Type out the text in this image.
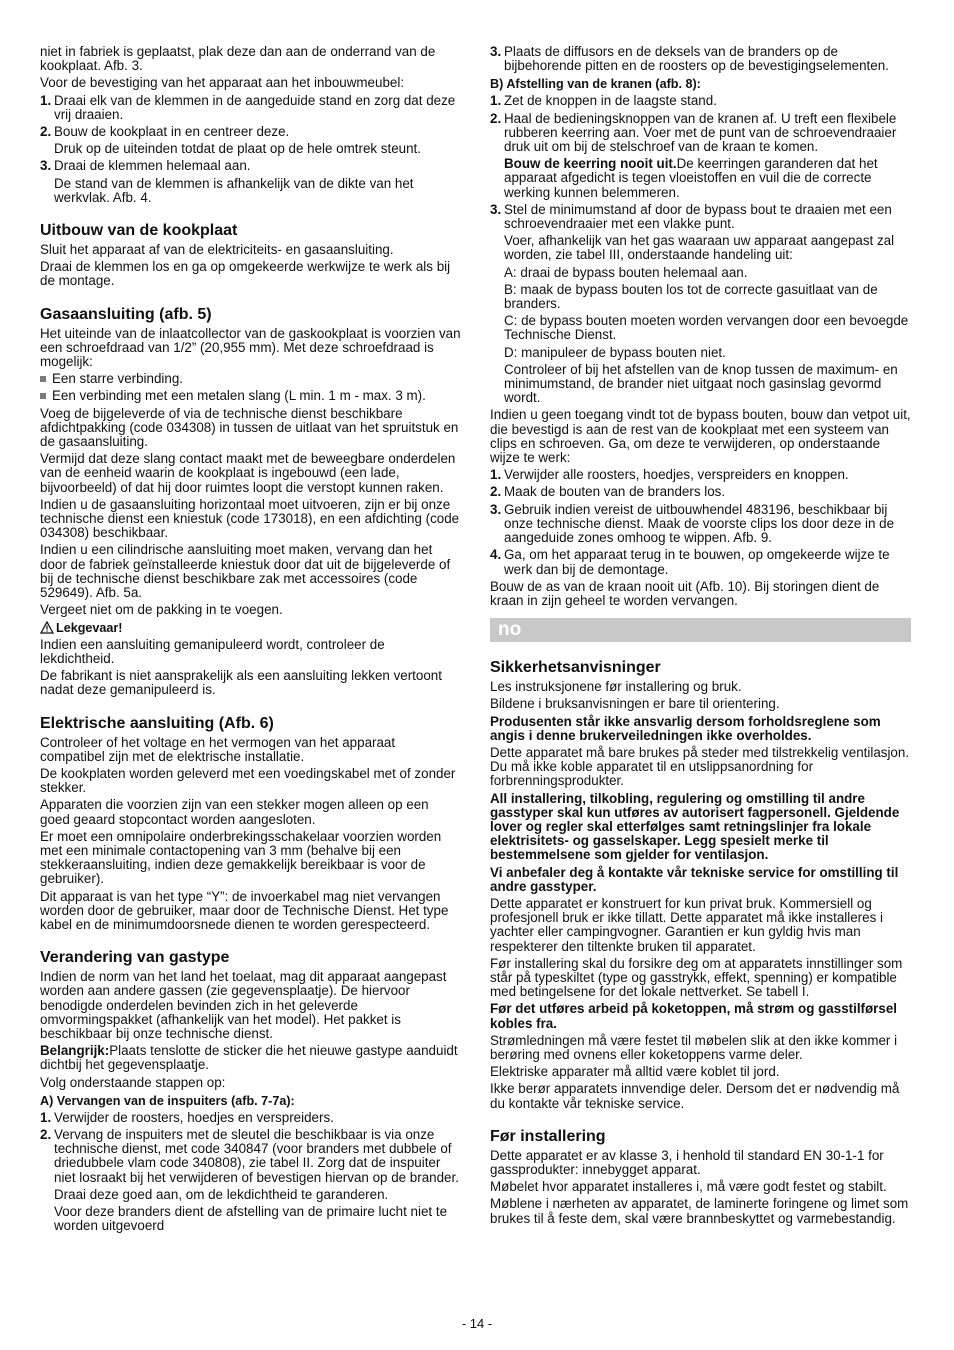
niet in fabriek is geplaatst, plak deze dan aan de onderrand van de kookplaat. Afb. 3.

Voor de bevestiging van het apparaat aan het inbouwmeubel:

1. Draai elk van de klemmen in de aangeduide stand en zorg dat deze vrij draaien.

2. Bouw de kookplaat in en centreer deze.

Druk op de uiteinden totdat de plaat op de hele omtrek steunt.

3. Draai de klemmen helemaal aan.

De stand van de klemmen is afhankelijk van de dikte van het werkvlak. Afb. 4.

Uitbouw van de kookplaat

Sluit het apparaat af van de elektriciteits- en gasaansluiting.

Draai de klemmen los en ga op omgekeerde werkwijze te werk als bij de montage.

Gasaansluiting (afb. 5)

Het uiteinde van de inlaatcollector van de gaskookplaat is voorzien van een schroefdraad van 1/2” (20,955 mm). Met deze schroefdraad is mogelijk:

Een starre verbinding.

Een verbinding met een metalen slang (L min. 1 m - max. 3 m).

Voeg de bijgeleverde of via de technische dienst beschikbare afdichtpakking (code 034308) in tussen de uitlaat van het spruitstuk en de gasaansluiting.

Vermijd dat deze slang contact maakt met de beweegbare onderdelen van de eenheid waarin de kookplaat is ingebouwd (een lade, bijvoorbeeld) of dat hij door ruimtes loopt die verstopt kunnen raken.

Indien u de gasaansluiting horizontaal moet uitvoeren, zijn er bij onze technische dienst een kniestuk (code 173018), en een afdichting (code 034308) beschikbaar.

Indien u een cilindrische aansluiting moet maken, vervang dan het door de fabriek geïnstalleerde kniestuk door dat uit de bijgeleverde of bij de technische dienst beschikbare zak met accessoires (code 529649). Afb. 5a.

Vergeet niet om de pakking in te voegen.

Lekgevaar!

Indien een aansluiting gemanipuleerd wordt, controleer de lekdichtheid.

De fabrikant is niet aansprakelijk als een aansluiting lekken vertoont nadat deze gemanipuleerd is.

Elektrische aansluiting (Afb. 6)

Controleer of het voltage en het vermogen van het apparaat compatibel zijn met de elektrische installatie.

De kookplaten worden geleverd met een voedingskabel met of zonder stekker.

Apparaten die voorzien zijn van een stekker mogen alleen op een goed geaard stopcontact worden aangesloten.

Er moet een omnipolaire onderbrekingsschakelaar voorzien worden met een minimale contactopening van 3 mm (behalve bij een stekkeraansluiting, indien deze gemakkelijk bereikbaar is voor de gebruiker).

Dit apparaat is van het type “Y”: de invoerkabel mag niet vervangen worden door de gebruiker, maar door de Technische Dienst. Het type kabel en de minimumdoorsnede dienen te worden gerespecteerd.

Verandering van gastype

Indien de norm van het land het toelaat, mag dit apparaat aangepast worden aan andere gassen (zie gegevensplaatje). De hiervoor benodigde onderdelen bevinden zich in het geleverde omvormingspakket (afhankelijk van het model). Het pakket is beschikbaar bij onze technische dienst.

Belangrijk:Plaats tenslotte de sticker die het nieuwe gastype aanduidt dichtbij het gegevensplaatje.

Volg onderstaande stappen op:

A) Vervangen van de inspuiters (afb. 7-7a):

1. Verwijder de roosters, hoedjes en verspreiders.

2. Vervang de inspuiters met de sleutel die beschikbaar is via onze technische dienst, met code 340847 (voor branders met dubbele of driedubbele vlam code 340808), zie tabel II. Zorg dat de inspuiter niet losraakt bij het verwijderen of bevestigen hiervan op de brander.

Draai deze goed aan, om de lekdichtheid te garanderen.

Voor deze branders dient de afstelling van de primaire lucht niet te worden uitgevoerd

3. Plaats de diffusors en de deksels van de branders op de bijbehorende pitten en de roosters op de bevestigingselementen.

B) Afstelling van de kranen (afb. 8):

1. Zet de knoppen in de laagste stand.

2. Haal de bedieningsknoppen van de kranen af. U treft een flexibele rubberen keerring aan. Voer met de punt van de schroevendraaier druk uit om bij de stelschroef van de kraan te komen.

Bouw de keerring nooit uit.De keerringen garanderen dat het apparaat afgedicht is tegen vloeistoffen en vuil die de correcte werking kunnen belemmeren.

3. Stel de minimumstand af door de bypass bout te draaien met een schroevendraaier met een vlakke punt.

Voer, afhankelijk van het gas waaraan uw apparaat aangepast zal worden, zie tabel III, onderstaande handeling uit:

A: draai de bypass bouten helemaal aan.

B: maak de bypass bouten los tot de correcte gasuitlaat van de branders.

C: de bypass bouten moeten worden vervangen door een bevoegde Technische Dienst.

D: manipuleer de bypass bouten niet.

Controleer of bij het afstellen van de knop tussen de maximum- en minimumstand, de brander niet uitgaat noch gasinslag gevormd wordt.

Indien u geen toegang vindt tot de bypass bouten, bouw dan vetpot uit, die bevestigd is aan de rest van de kookplaat met een systeem van clips en schroeven. Ga, om deze te verwijderen, op onderstaande wijze te werk:

1. Verwijder alle roosters, hoedjes, verspreiders en knoppen.

2. Maak de bouten van de branders los.

3. Gebruik indien vereist de uitbouwhendel 483196, beschikbaar bij onze technische dienst. Maak de voorste clips los door deze in de aangeduide zones omhoog te wippen. Afb. 9.

4. Ga, om het apparaat terug in te bouwen, op omgekeerde wijze te werk dan bij de demontage.

Bouw de as van de kraan nooit uit (Afb. 10). Bij storingen dient de kraan in zijn geheel te worden vervangen.

no
Sikkerhetsanvisninger

Les instruksjonene før installering og bruk.

Bildene i bruksanvisningen er bare til orientering.

Produsenten står ikke ansvarlig dersom forholdsreglene som angis i denne brukerveiledningen ikke overholdes.

Dette apparatet må bare brukes på steder med tilstrekkelig ventilasjon. Du må ikke koble apparatet til en utslippsanordning for forbrenningsprodukter.

All installering, tilkobling, regulering og omstilling til andre gasstyper skal kun utføres av autorisert fagpersonell. Gjeldende lover og regler skal etterfølges samt retningslinjer fra lokale elektrisitets- og gasselskaper. Legg spesielt merke til bestemmelsene som gjelder for ventilasjon.

Vi anbefaler deg å kontakte vår tekniske service for omstilling til andre gasstyper.

Dette apparatet er konstruert for kun privat bruk. Kommersiell og profesjonell bruk er ikke tillatt. Dette apparatet må ikke installeres i yachter eller campingvogner. Garantien er kun gyldig hvis man respekterer den tiltenkte bruken til apparatet.

Før installering skal du forsikre deg om at apparatets innstillinger som står på typeskiltet (type og gasstrykk, effekt, spenning) er kompatible med betingelsene for det lokale nettverket. Se tabell I.

Før det utføres arbeid på koketoppen, må strøm og gasstilførsel kobles fra.

Strømledningen må være festet til møbelen slik at den ikke kommer i berøring med ovnens eller koketoppens varme deler.

Elektriske apparater må alltid være koblet til jord.

Ikke berør apparatets innvendige deler. Dersom det er nødvendig må du kontakte vår tekniske service.

Før installering

Dette apparatet er av klasse 3, i henhold til standard EN 30-1-1 for gassprodukter: innebygget apparat.

Møbelet hvor apparatet installeres i, må være godt festet og stabilt.

Møblene i nærheten av apparatet, de laminerte foringene og limet som brukes til å feste dem, skal være brannbeskyttet og varmebestandig.

- 14 -
